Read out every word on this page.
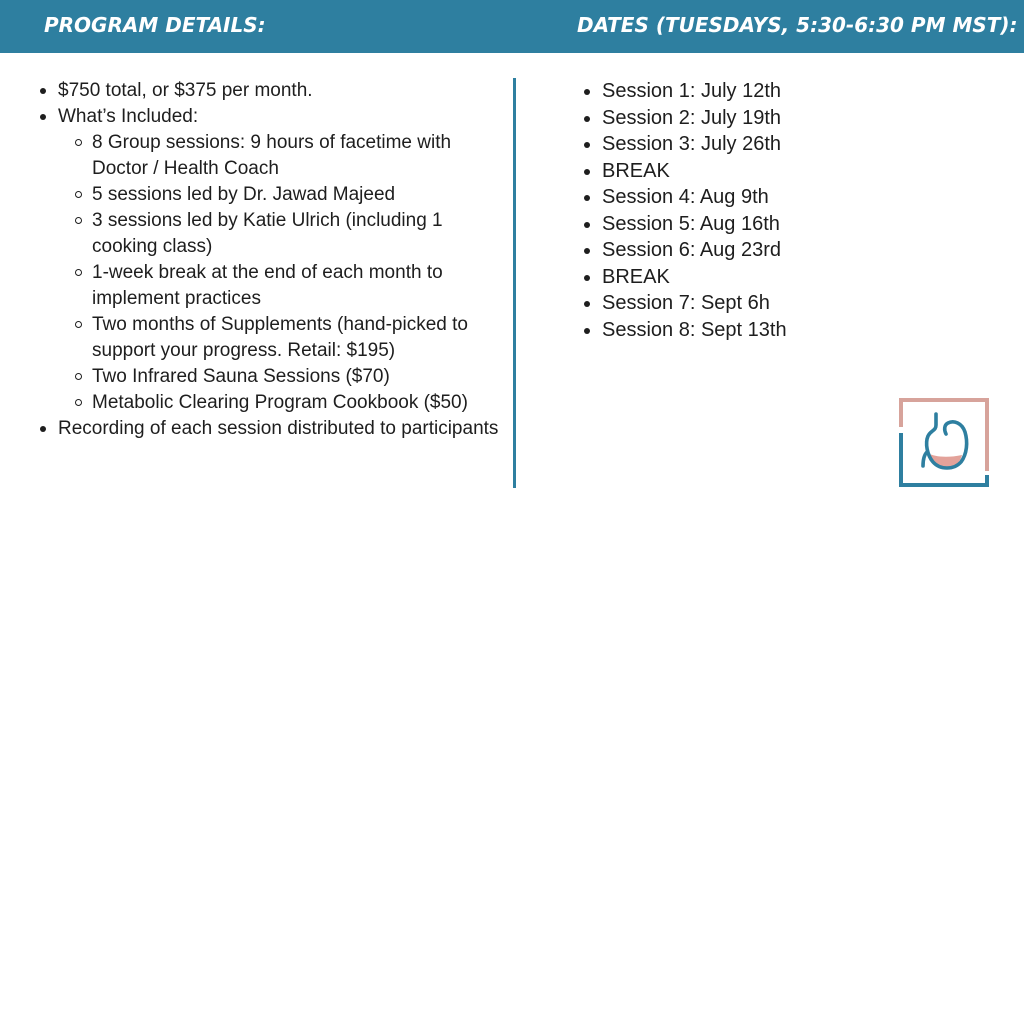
PROGRAM DETAILS:	DATES (TUESDAYS, 5:30-6:30 PM MST):
$750 total, or $375 per month.
What’s Included:
8 Group sessions: 9 hours of facetime with Doctor / Health Coach
5 sessions led by Dr. Jawad Majeed
3 sessions led by Katie Ulrich (including 1 cooking class)
1-week break at the end of each month to implement practices
Two months of Supplements (hand-picked to support your progress. Retail: $195)
Two Infrared Sauna Sessions ($70)
Metabolic Clearing Program Cookbook ($50)
Recording of each session distributed to participants
Session 1: July 12th
Session 2: July 19th
Session 3: July 26th
BREAK
Session 4: Aug 9th
Session 5: Aug 16th
Session 6: Aug 23rd
BREAK
Session 7: Sept 6h
Session 8: Sept 13th
